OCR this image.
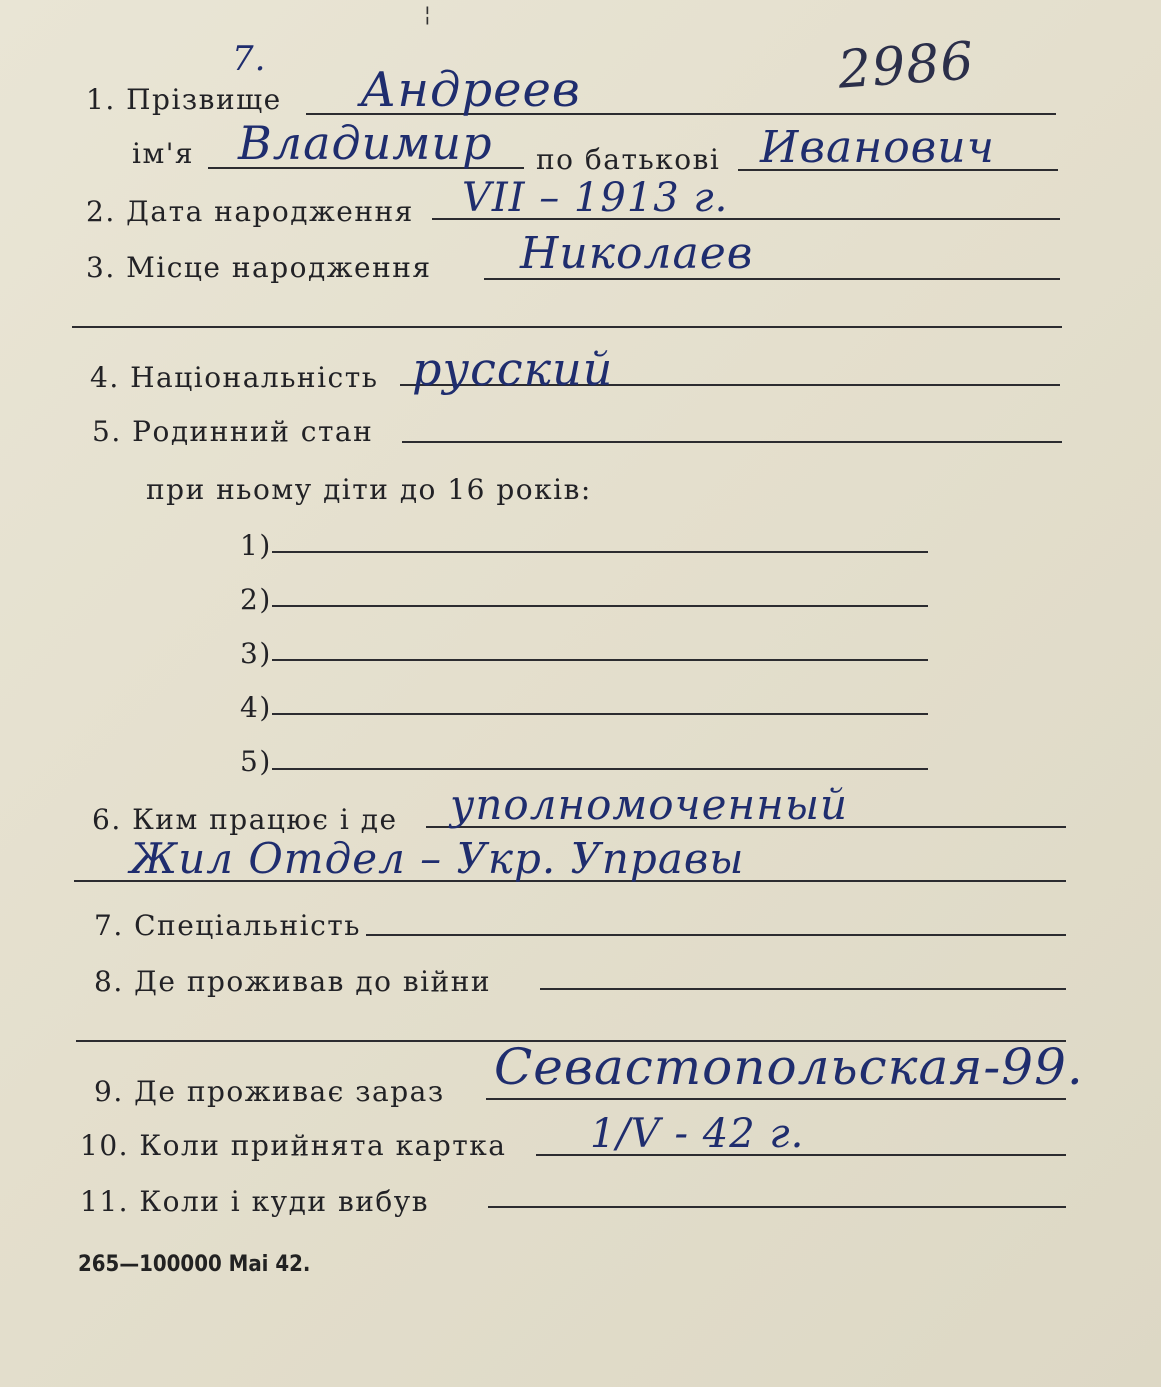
¦
7.	2986
1. Прізвище Андреев
ім'я Владимир по батькові Иванович
2. Дата народження VII – 1913 г.
3. Місце народження Николаев
4. Національність русский
5. Родинний стан
при ньому діти до 16 років:
1)
2)
3)
4)
5)
6. Ким працює і де уполномоченный
Жил Отдел – Укр. Управы
7. Спеціальність
8. Де проживав до війни
9. Де проживає зараз Севастопольская-99.
10. Коли прийнята картка 1/V - 42 г.
11. Коли і куди вибув
265—100000 Маі 42.
